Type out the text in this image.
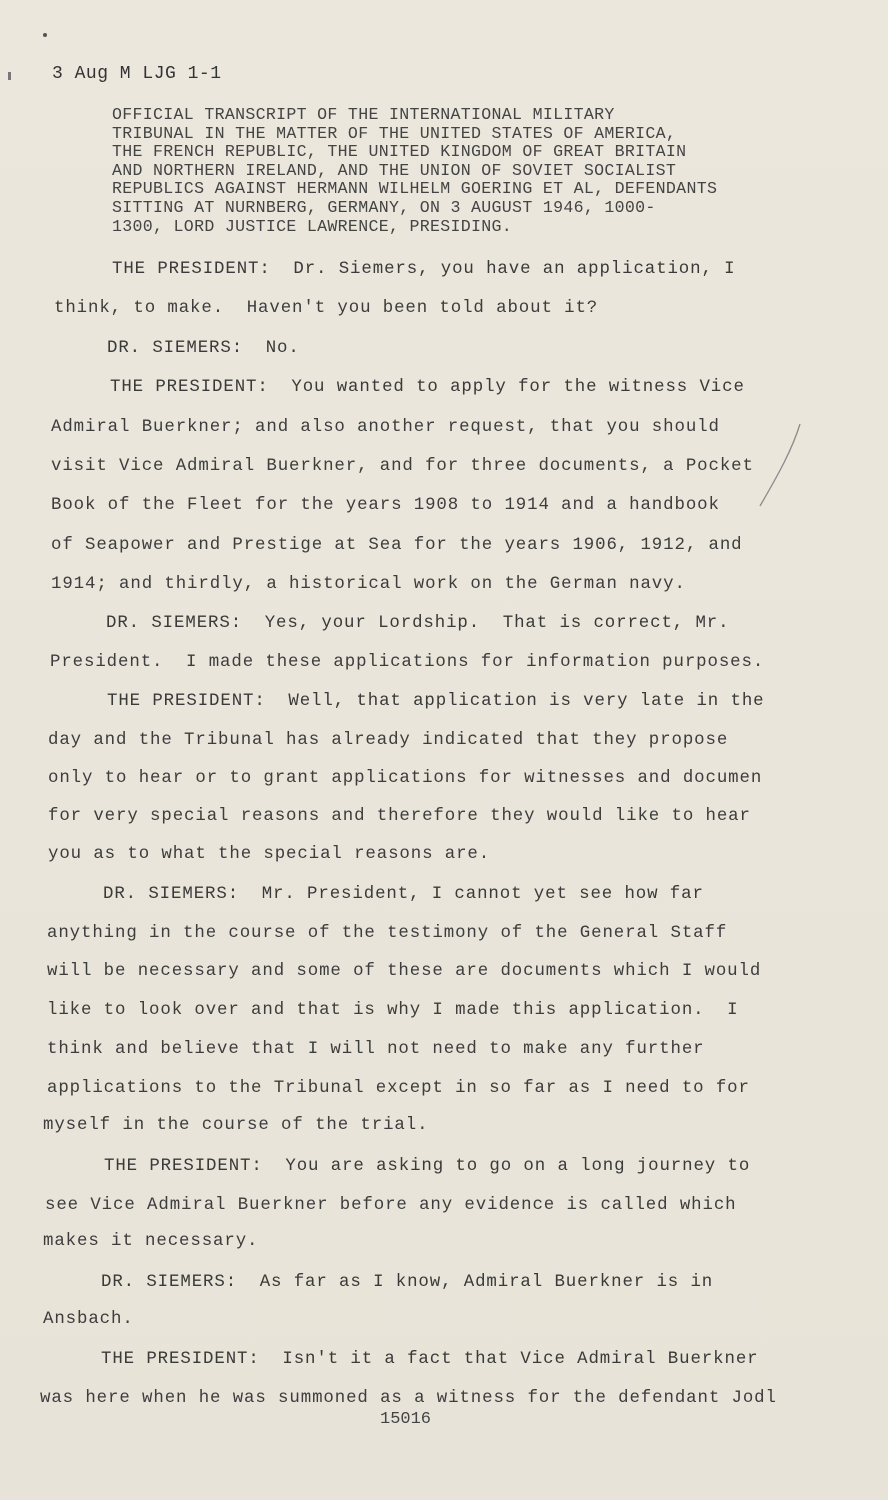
3 Aug M LJG 1-1
OFFICIAL TRANSCRIPT OF THE INTERNATIONAL MILITARY
TRIBUNAL IN THE MATTER OF THE UNITED STATES OF AMERICA,
THE FRENCH REPUBLIC, THE UNITED KINGDOM OF GREAT BRITAIN
AND NORTHERN IRELAND, AND THE UNION OF SOVIET SOCIALIST
REPUBLICS AGAINST HERMANN WILHELM GOERING ET AL, DEFENDANTS
SITTING AT NURNBERG, GERMANY, ON 3 AUGUST 1946, 1000-
1300, LORD JUSTICE LAWRENCE, PRESIDING.
THE PRESIDENT:  Dr. Siemers, you have an application, I
think, to make.  Haven't you been told about it?
DR. SIEMERS:  No.
THE PRESIDENT:  You wanted to apply for the witness Vice
Admiral Buerkner; and also another request, that you should
visit Vice Admiral Buerkner, and for three documents, a Pocket
Book of the Fleet for the years 1908 to 1914 and a handbook
of Seapower and Prestige at Sea for the years 1906, 1912, and
1914; and thirdly, a historical work on the German navy.
DR. SIEMERS:  Yes, your Lordship.  That is correct, Mr.
President.  I made these applications for information purposes.
THE PRESIDENT:  Well, that application is very late in the
day and the Tribunal has already indicated that they propose
only to hear or to grant applications for witnesses and documen
for very special reasons and therefore they would like to hear
you as to what the special reasons are.
DR. SIEMERS:  Mr. President, I cannot yet see how far
anything in the course of the testimony of the General Staff
will be necessary and some of these are documents which I would
like to look over and that is why I made this application.  I
think and believe that I will not need to make any further
applications to the Tribunal except in so far as I need to for
myself in the course of the trial.
THE PRESIDENT:  You are asking to go on a long journey to
see Vice Admiral Buerkner before any evidence is called which
makes it necessary.
DR. SIEMERS:  As far as I know, Admiral Buerkner is in
Ansbach.
THE PRESIDENT:  Isn't it a fact that Vice Admiral Buerkner
was here when he was summoned as a witness for the defendant Jodl
15016
